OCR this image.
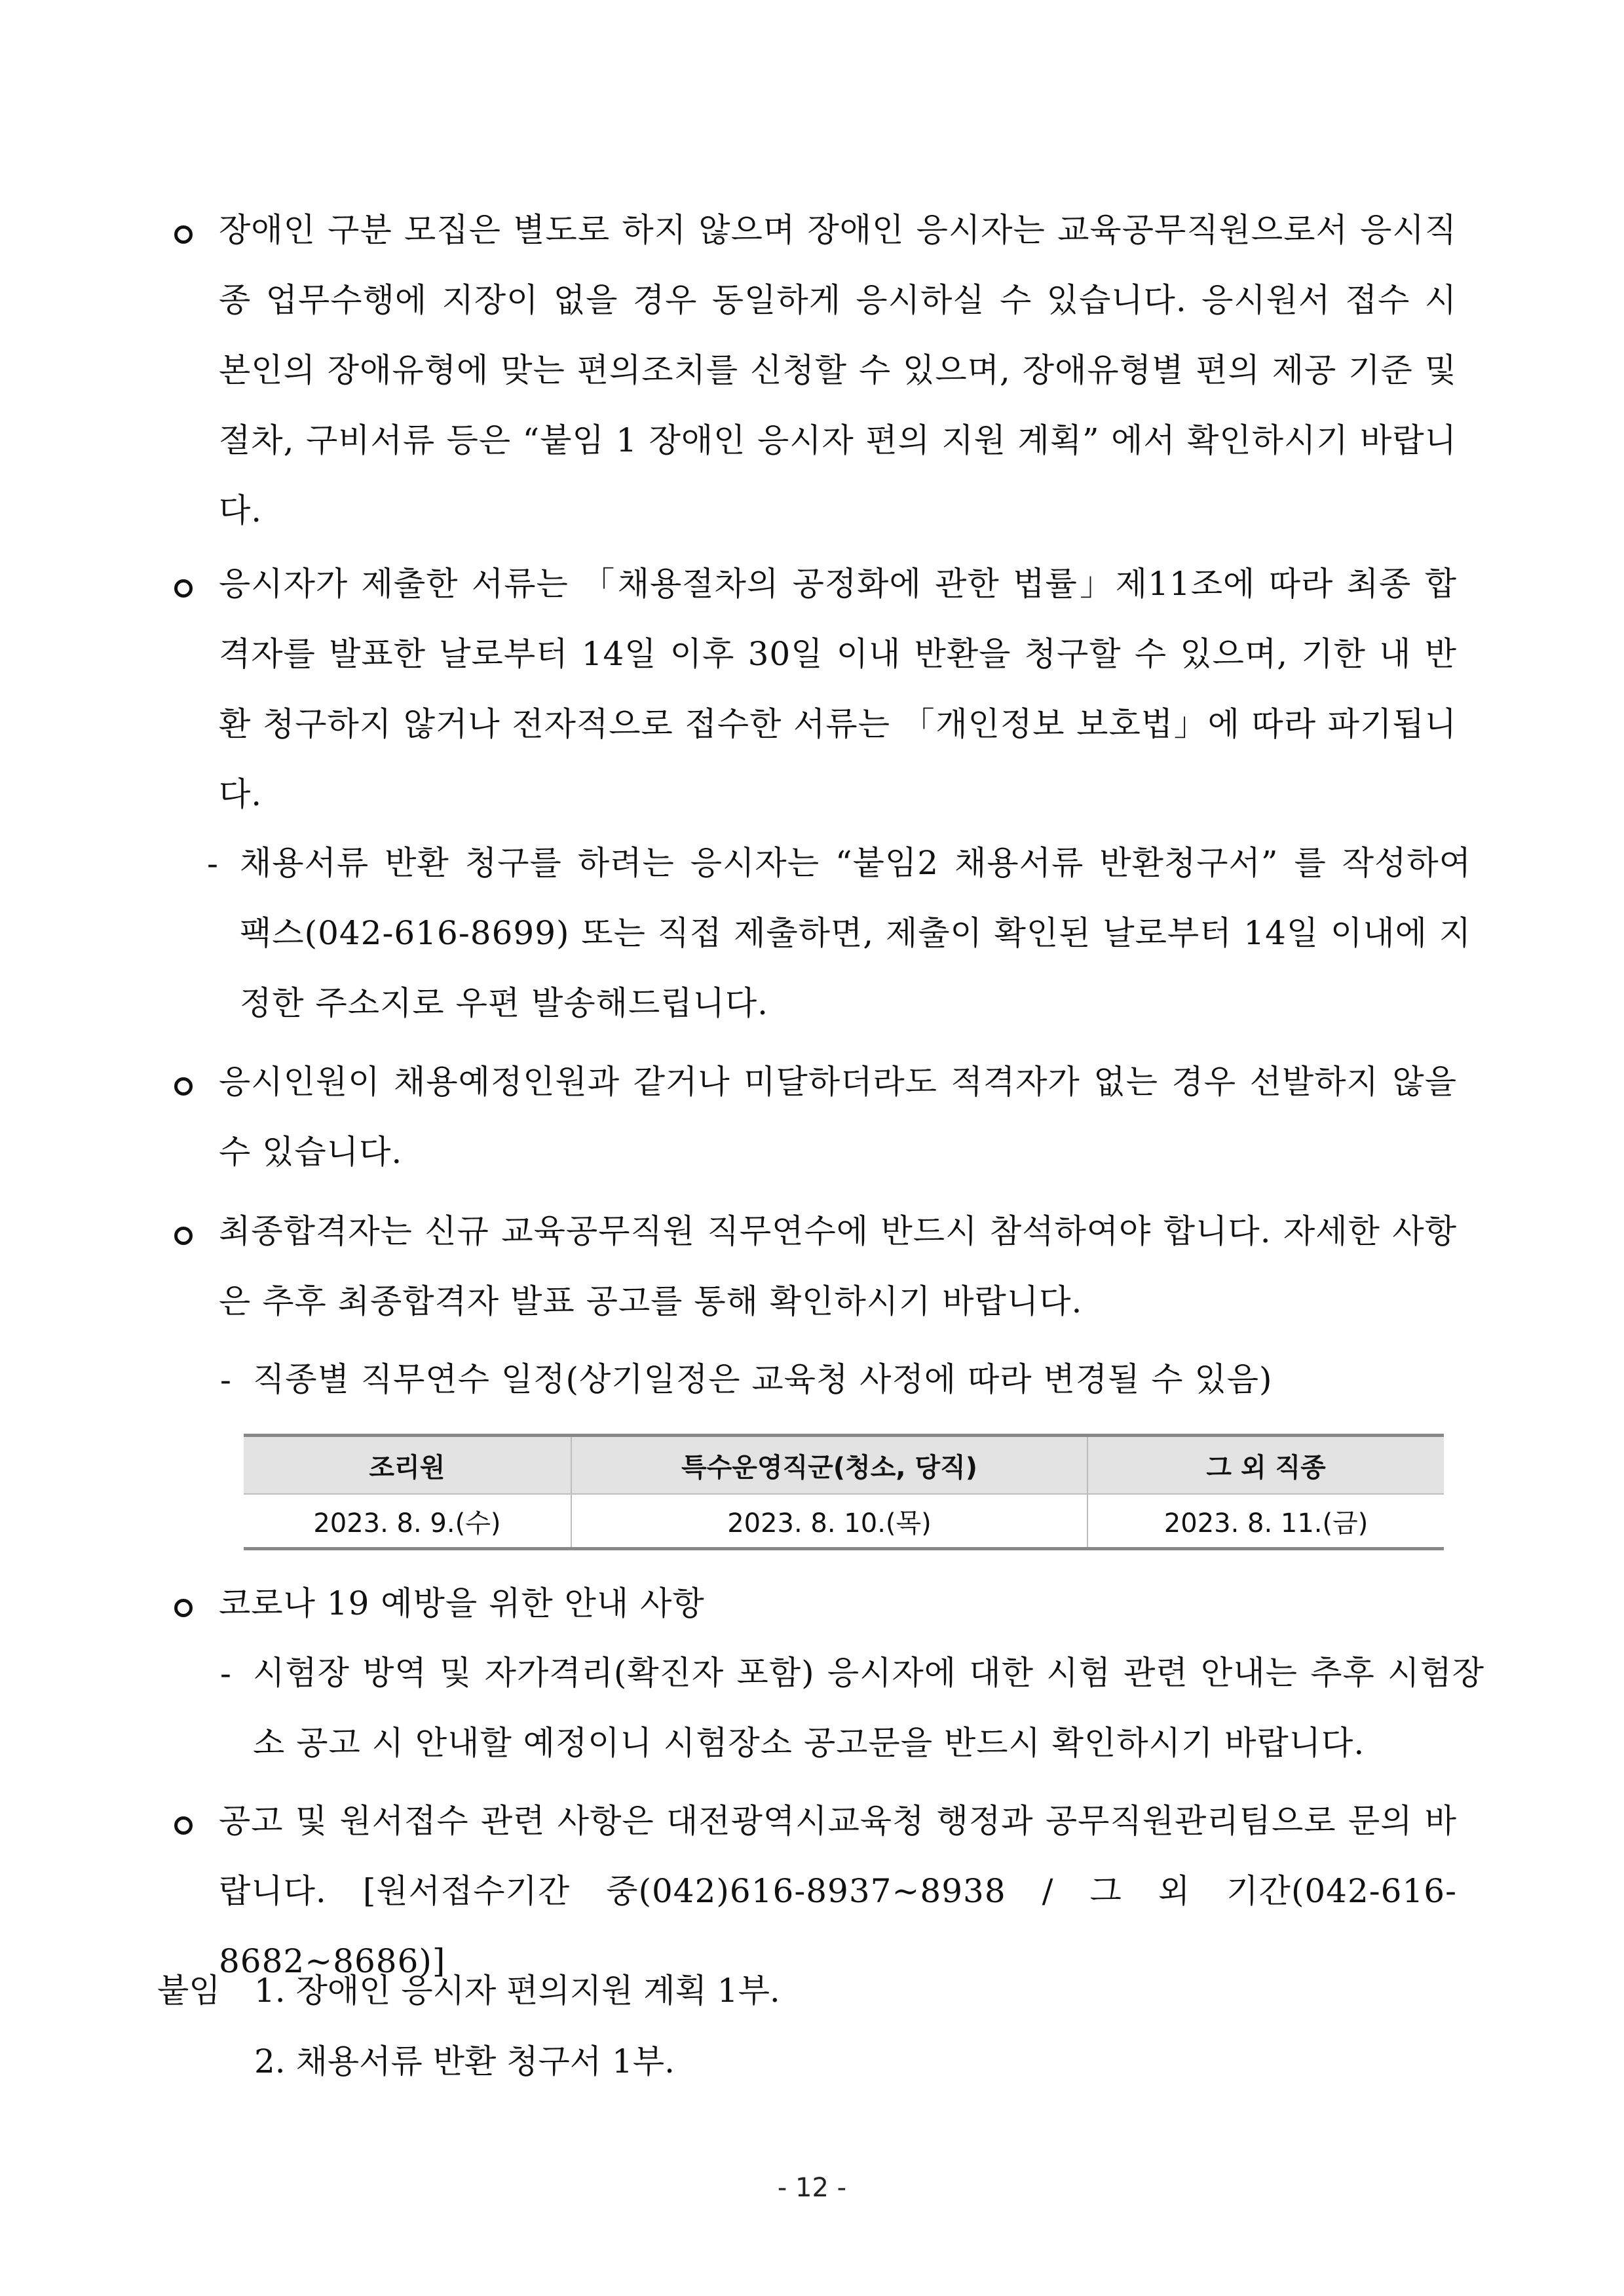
장애인 구분 모집은 별도로 하지 않으며 장애인 응시자는 교육공무직원으로서 응시직종 업무수행에 지장이 없을 경우 동일하게 응시하실 수 있습니다. 응시원서 접수 시 본인의 장애유형에 맞는 편의조치를 신청할 수 있으며, 장애유형별 편의 제공 기준 및 절차, 구비서류 등은 “붙임 1 장애인 응시자 편의 지원 계획” 에서 확인하시기 바랍니다.
응시자가 제출한 서류는 「채용절차의 공정화에 관한 법률」제11조에 따라 최종 합격자를 발표한 날로부터 14일 이후 30일 이내 반환을 청구할 수 있으며, 기한 내 반환 청구하지 않거나 전자적으로 접수한 서류는 「개인정보 보호법」에 따라 파기됩니다.
- 채용서류 반환 청구를 하려는 응시자는 “붙임2 채용서류 반환청구서” 를 작성하여 팩스(042-616-8699) 또는 직접 제출하면, 제출이 확인된 날로부터 14일 이내에 지정한 주소지로 우편 발송해드립니다.
응시인원이 채용예정인원과 같거나 미달하더라도 적격자가 없는 경우 선발하지 않을 수 있습니다.
최종합격자는 신규 교육공무직원 직무연수에 반드시 참석하여야 합니다. 자세한 사항은 추후 최종합격자 발표 공고를 통해 확인하시기 바랍니다.
- 직종별 직무연수 일정(상기일정은 교육청 사정에 따라 변경될 수 있음)
조리원	특수운영직군(청소, 당직)	그 외 직종
2023. 8. 9.(수)	2023. 8. 10.(목)	2023. 8. 11.(금)
코로나 19 예방을 위한 안내 사항
- 시험장 방역 및 자가격리(확진자 포함) 응시자에 대한 시험 관련 안내는 추후 시험장소 공고 시 안내할 예정이니 시험장소 공고문을 반드시 확인하시기 바랍니다.
공고 및 원서접수 관련 사항은 대전광역시교육청 행정과 공무직원관리팀으로 문의 바랍니다. [원서접수기간 중(042)616-8937~8938 / 그 외 기간(042-616-8682~8686)]
붙임 1. 장애인 응시자 편의지원 계획 1부.
2. 채용서류 반환 청구서 1부.
- 12 -
